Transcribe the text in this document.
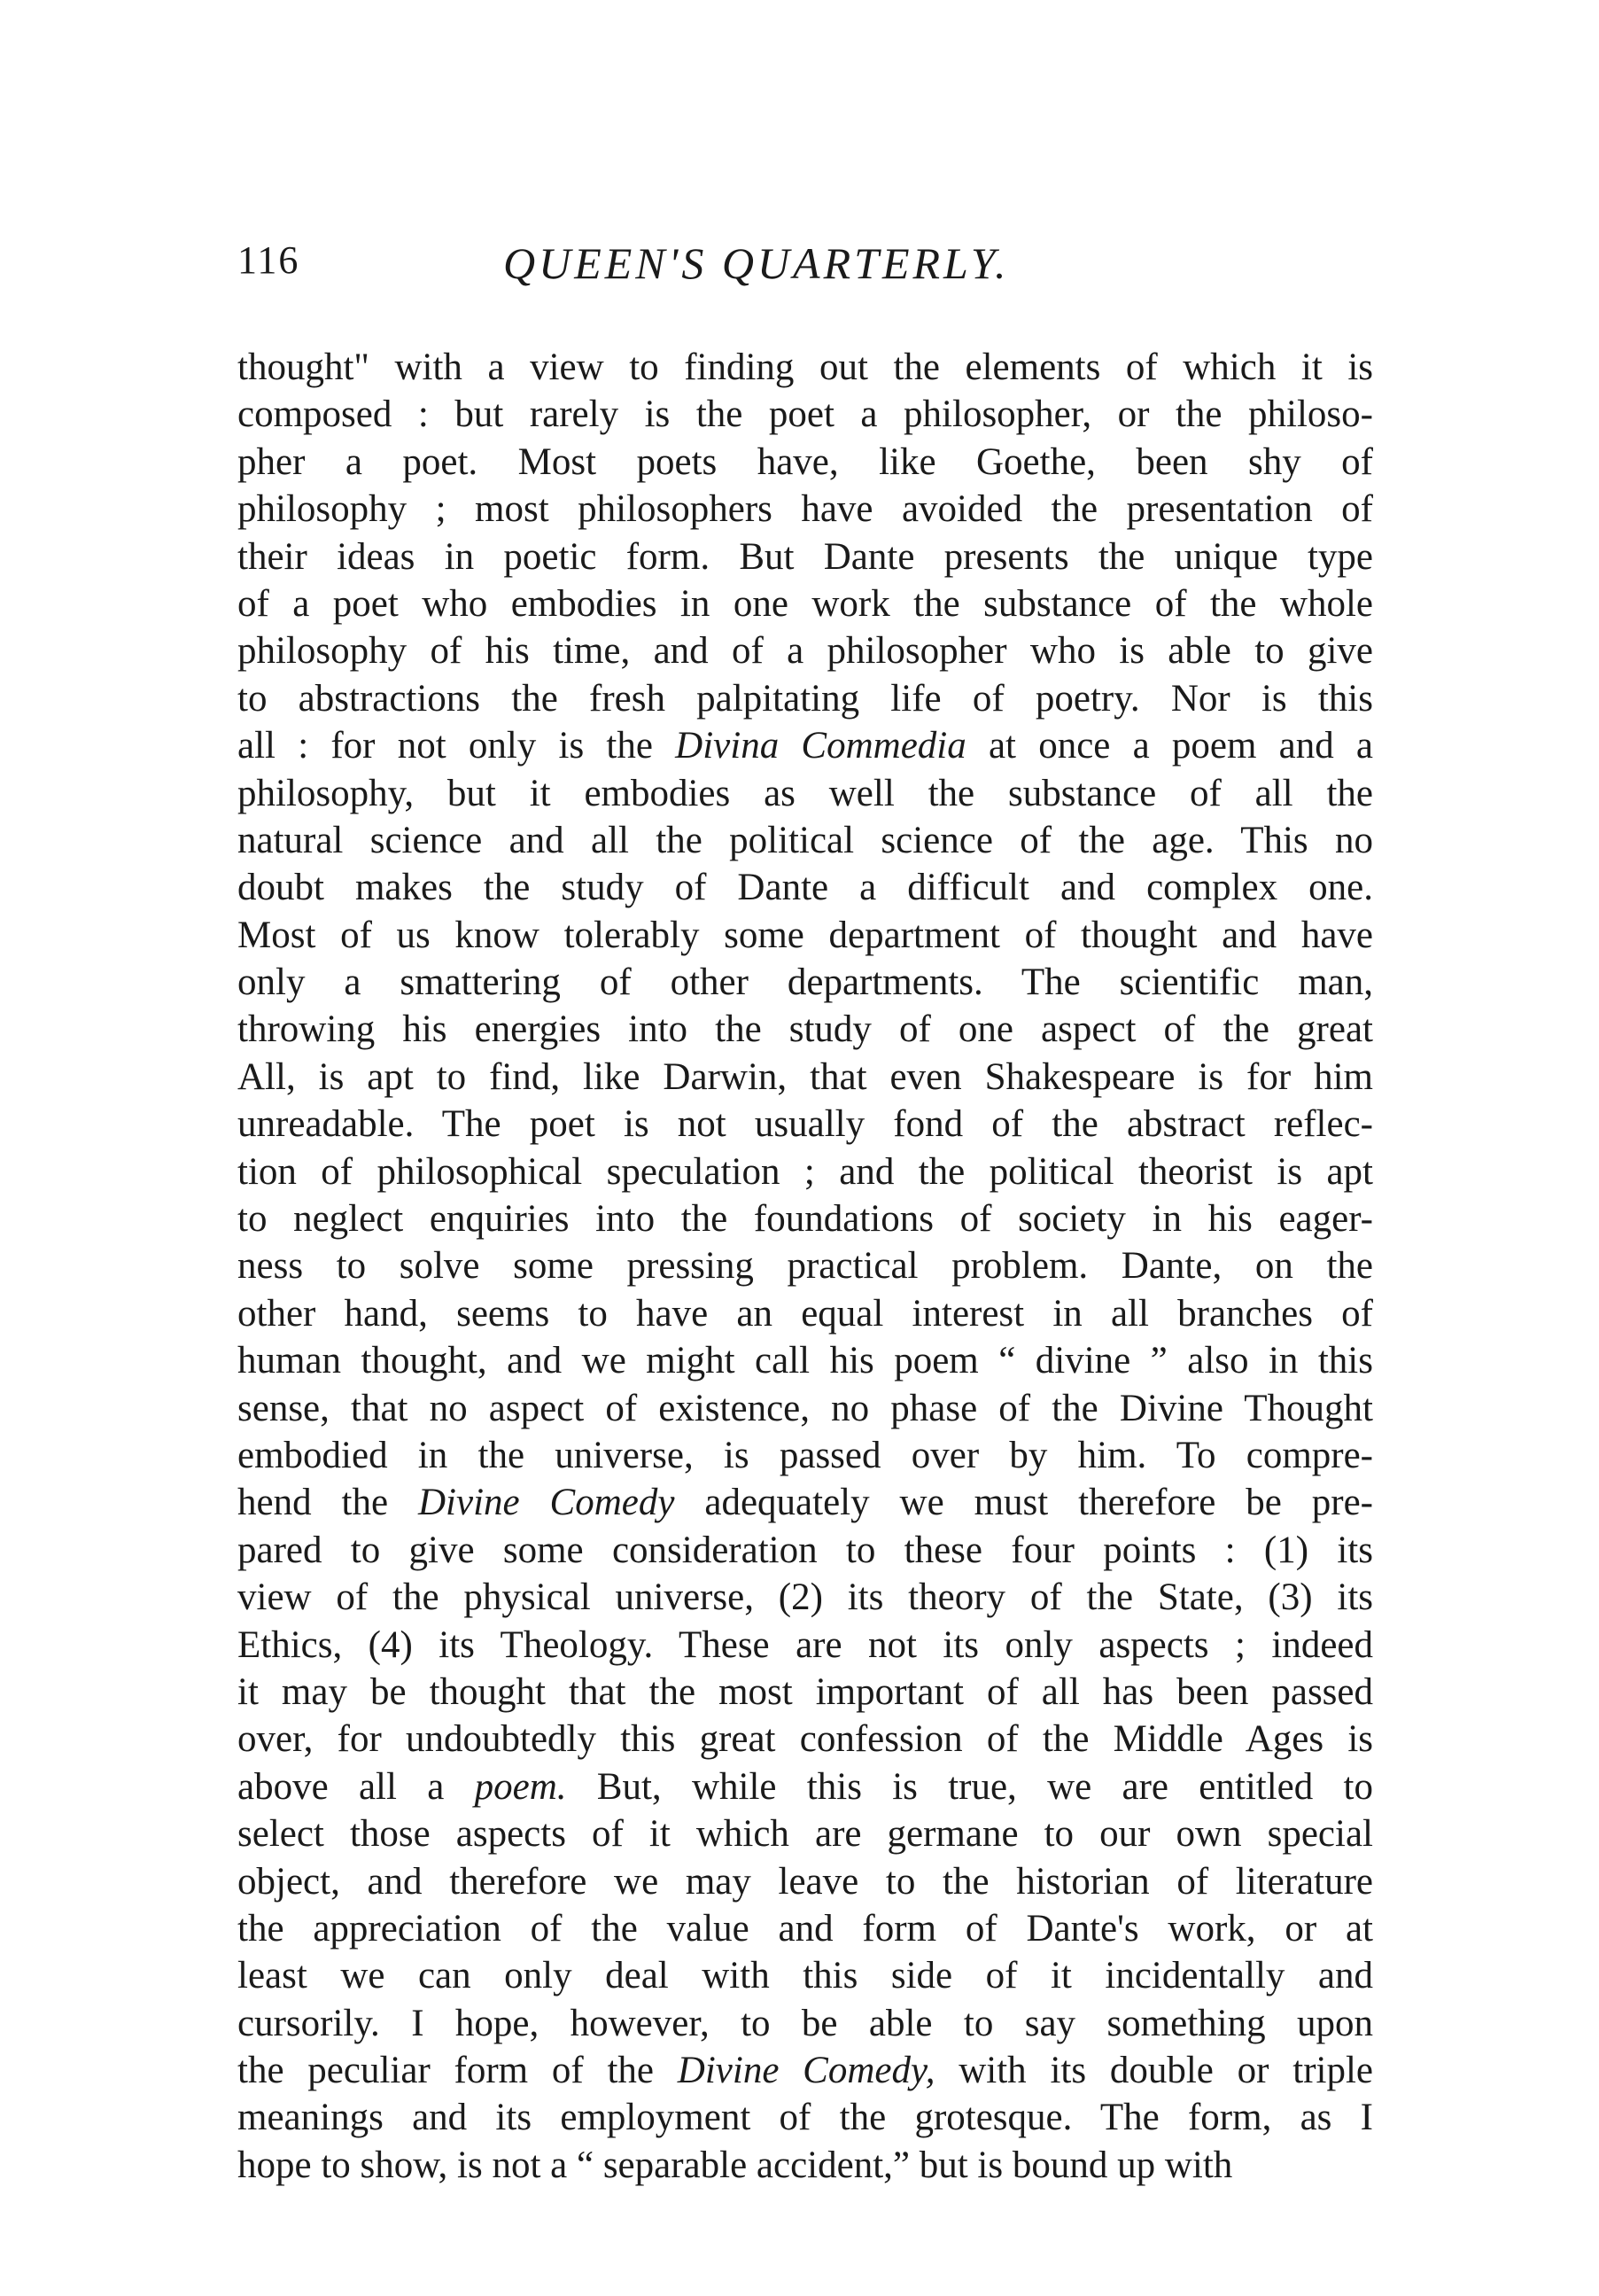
116	QUEEN'S QUARTERLY.
thought" with a view to finding out the elements of which it is
composed : but rarely is the poet a philosopher, or the philoso-
pher a poet. Most poets have, like Goethe, been shy of
philosophy ; most philosophers have avoided the presentation of
their ideas in poetic form. But Dante presents the unique type
of a poet who embodies in one work the substance of the whole
philosophy of his time, and of a philosopher who is able to give
to abstractions the fresh palpitating life of poetry. Nor is this
all : for not only is the Divina Commedia at once a poem and a
philosophy, but it embodies as well the substance of all the
natural science and all the political science of the age. This no
doubt makes the study of Dante a difficult and complex one.
Most of us know tolerably some department of thought and have
only a smattering of other departments. The scientific man,
throwing his energies into the study of one aspect of the great
All, is apt to find, like Darwin, that even Shakespeare is for him
unreadable. The poet is not usually fond of the abstract reflec-
tion of philosophical speculation ; and the political theorist is apt
to neglect enquiries into the foundations of society in his eager-
ness to solve some pressing practical problem. Dante, on the
other hand, seems to have an equal interest in all branches of
human thought, and we might call his poem “ divine ” also in this
sense, that no aspect of existence, no phase of the Divine Thought
embodied in the universe, is passed over by him. To compre-
hend the Divine Comedy adequately we must therefore be pre-
pared to give some consideration to these four points : (1) its
view of the physical universe, (2) its theory of the State, (3) its
Ethics, (4) its Theology. These are not its only aspects ; indeed
it may be thought that the most important of all has been passed
over, for undoubtedly this great confession of the Middle Ages is
above all a poem. But, while this is true, we are entitled to
select those aspects of it which are germane to our own special
object, and therefore we may leave to the historian of literature
the appreciation of the value and form of Dante's work, or at
least we can only deal with this side of it incidentally and
cursorily. I hope, however, to be able to say something upon
the peculiar form of the Divine Comedy, with its double or triple
meanings and its employment of the grotesque. The form, as I
hope to show, is not a “ separable accident,” but is bound up with
